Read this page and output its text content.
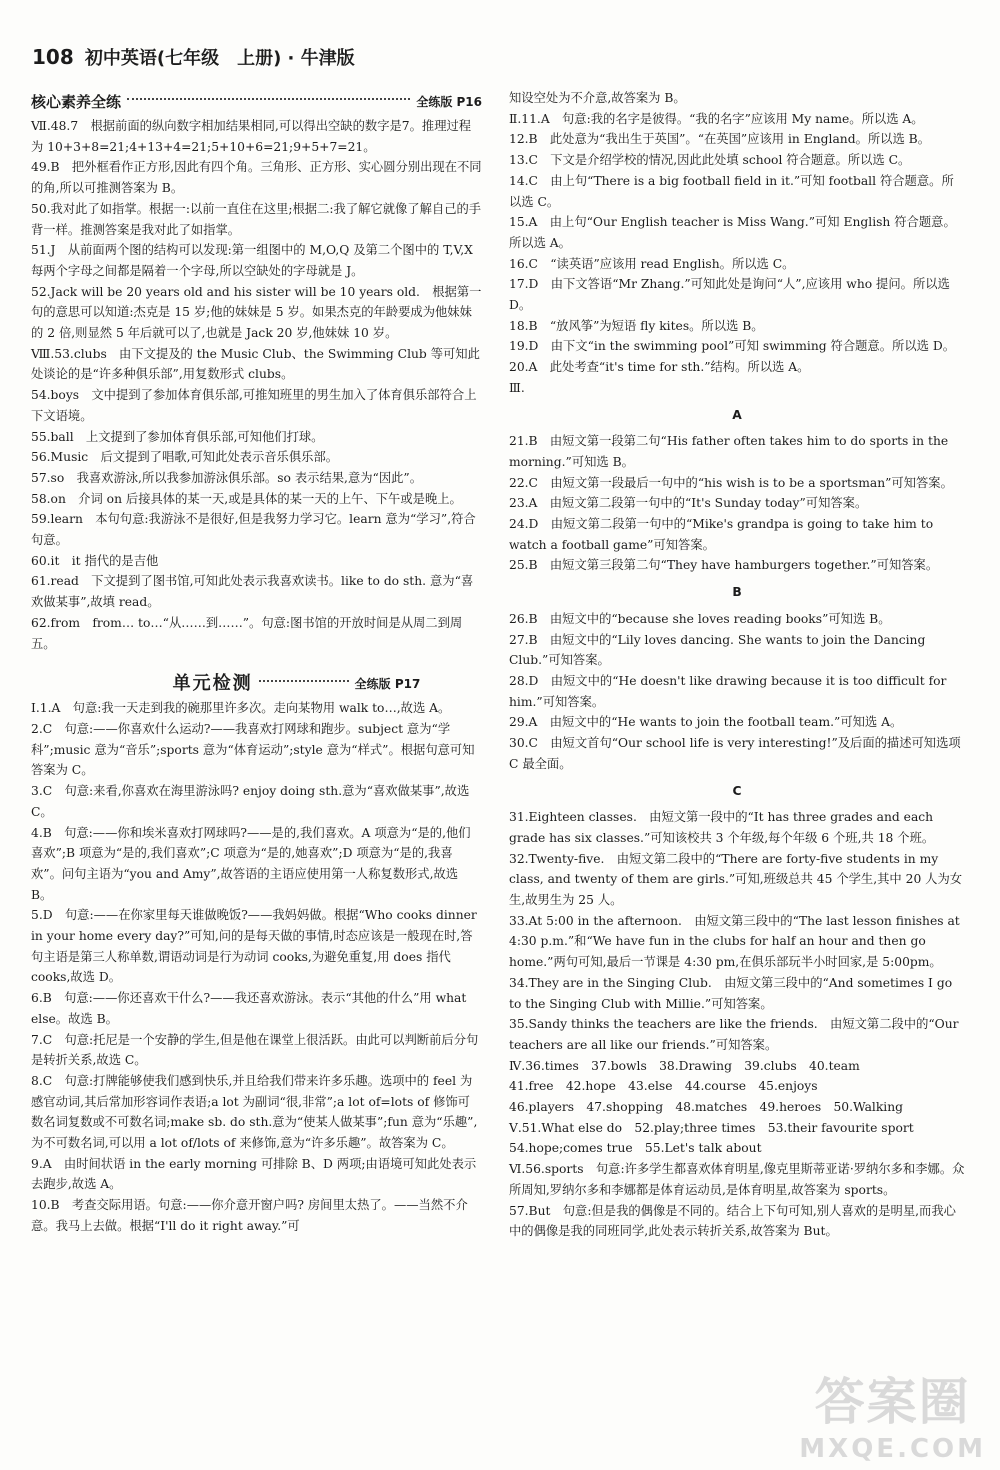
108 初中英语(七年级　上册) · 牛津版
核心素养全练	全练版 P16

Ⅶ.48.7　根据前面的纵向数字相加结果相同,可以得出空缺的数字是7。推理过程为 10+3+8=21;4+13+4=21;5+10+6=21;9+5+7=21。

49.B　把外框看作正方形,因此有四个角。三角形、正方形、实心圆分别出现在不同的角,所以可推测答案为 B。

50.我对此了如指掌。根据一:以前一直住在这里;根据二:我了解它就像了解自己的手背一样。推测答案是我对此了如指掌。

51.J　从前面两个图的结构可以发现:第一组图中的 M,O,Q 及第二个图中的 T,V,X 每两个字母之间都是隔着一个字母,所以空缺处的字母就是 J。

52.Jack will be 20 years old and his sister will be 10 years old.　根据第一句的意思可以知道:杰克是 15 岁;他的妹妹是 5 岁。如果杰克的年龄要成为他妹妹的 2 倍,则显然 5 年后就可以了,也就是 Jack 20 岁,他妹妹 10 岁。

Ⅷ.53.clubs　由下文提及的 the Music Club、the Swimming Club 等可知此处谈论的是“许多种俱乐部”,用复数形式 clubs。

54.boys　文中提到了参加体育俱乐部,可推知班里的男生加入了体育俱乐部符合上下文语境。

55.ball　上文提到了参加体育俱乐部,可知他们打球。

56.Music　后文提到了唱歌,可知此处表示音乐俱乐部。

57.so　我喜欢游泳,所以我参加游泳俱乐部。so 表示结果,意为“因此”。

58.on　介词 on 后接具体的某一天,或是具体的某一天的上午、下午或是晚上。

59.learn　本句句意:我游泳不是很好,但是我努力学习它。learn 意为“学习”,符合句意。

60.it　it 指代的是吉他

61.read　下文提到了图书馆,可知此处表示我喜欢读书。like to do sth. 意为“喜欢做某事”,故填 read。

62.from　from… to…“从……到……”。句意:图书馆的开放时间是从周二到周五。

单元检测	全练版 P17

Ⅰ.1.A　句意:我一天走到我的碗那里许多次。走向某物用 walk to…,故选 A。

2.C　句意:——你喜欢什么运动?——我喜欢打网球和跑步。subject 意为“学科”;music 意为“音乐”;sports 意为“体育运动”;style 意为“样式”。根据句意可知答案为 C。

3.C　句意:来看,你喜欢在海里游泳吗? enjoy doing sth.意为“喜欢做某事”,故选 C。

4.B　句意:——你和埃米喜欢打网球吗?——是的,我们喜欢。A 项意为“是的,他们喜欢”;B 项意为“是的,我们喜欢”;C 项意为“是的,她喜欢”;D 项意为“是的,我喜欢”。问句主语为“you and Amy”,故答语的主语应使用第一人称复数形式,故选 B。

5.D　句意:——在你家里每天谁做晚饭?——我妈妈做。根据“Who cooks dinner in your home every day?”可知,问的是每天做的事情,时态应该是一般现在时,答句主语是第三人称单数,谓语动词是行为动词 cooks,为避免重复,用 does 指代 cooks,故选 D。

6.B　句意:——你还喜欢干什么?——我还喜欢游泳。表示“其他的什么”用 what else。故选 B。

7.C　句意:托尼是一个安静的学生,但是他在课堂上很活跃。由此可以判断前后分句是转折关系,故选 C。

8.C　句意:打牌能够使我们感到快乐,并且给我们带来许多乐趣。选项中的 feel 为感官动词,其后常加形容词作表语;a lot 为副词“很,非常”;a lot of=lots of 修饰可数名词复数或不可数名词;make sb. do sth.意为“使某人做某事”;fun 意为“乐趣”,为不可数名词,可以用 a lot of/lots of 来修饰,意为“许多乐趣”。故答案为 C。

9.A　由时间状语 in the early morning 可排除 B、D 两项;由语境可知此处表示去跑步,故选 A。

10.B　考查交际用语。句意:——你介意开窗户吗? 房间里太热了。——当然不介意。我马上去做。根据“I'll do it right away.”可

知设空处为不介意,故答案为 B。

Ⅱ.11.A　句意:我的名字是彼得。“我的名字”应该用 My name。所以选 A。

12.B　此处意为“我出生于英国”。“在英国”应该用 in England。所以选 B。

13.C　下文是介绍学校的情况,因此此处填 school 符合题意。所以选 C。

14.C　由上句“There is a big football field in it.”可知 football 符合题意。所以选 C。

15.A　由上句“Our English teacher is Miss Wang.”可知 English 符合题意。所以选 A。

16.C　“读英语”应该用 read English。所以选 C。

17.D　由下文答语“Mr Zhang.”可知此处是询问“人”,应该用 who 提问。所以选 D。

18.B　“放风筝”为短语 fly kites。所以选 B。

19.D　由下文“in the swimming pool”可知 swimming 符合题意。所以选 D。

20.A　此处考查“it's time for sth.”结构。所以选 A。

Ⅲ.
A

21.B　由短文第一段第二句“His father often takes him to do sports in the morning.”可知选 B。

22.C　由短文第一段最后一句中的“his wish is to be a sportsman”可知答案。

23.A　由短文第二段第一句中的“It's Sunday today”可知答案。

24.D　由短文第二段第一句中的“Mike's grandpa is going to take him to watch a football game”可知答案。

25.B　由短文第三段第二句“They have hamburgers together.”可知答案。

B

26.B　由短文中的“because she loves reading books”可知选 B。

27.B　由短文中的“Lily loves dancing. She wants to join the Dancing Club.”可知答案。

28.D　由短文中的“He doesn't like drawing because it is too difficult for him.”可知答案。

29.A　由短文中的“He wants to join the football team.”可知选 A。

30.C　由短文首句“Our school life is very interesting!”及后面的描述可知选项 C 最全面。

C

31.Eighteen classes.　由短文第一段中的“It has three grades and each grade has six classes.”可知该校共 3 个年级,每个年级 6 个班,共 18 个班。

32.Twenty-five.　由短文第二段中的“There are forty-five students in my class, and twenty of them are girls.”可知,班级总共 45 个学生,其中 20 人为女生,故男生为 25 人。

33.At 5:00 in the afternoon.　由短文第三段中的“The last lesson finishes at 4:30 p.m.”和“We have fun in the clubs for half an hour and then go home.”两句可知,最后一节课是 4:30 pm,在俱乐部玩半小时回家,是 5:00pm。

34.They are in the Singing Club.　由短文第三段中的“And sometimes I go to the Singing Club with Millie.”可知答案。

35.Sandy thinks the teachers are like the friends.　由短文第二段中的“Our teachers are all like our friends.”可知答案。

Ⅳ.36.times　37.bowls　38.Drawing　39.clubs　40.team

41.free　42.hope　43.else　44.course　45.enjoys

46.players　47.shopping　48.matches　49.heroes　50.Walking

Ⅴ.51.What else do　52.play;three times　53.their favourite sport

54.hope;comes true　55.Let's talk about

Ⅵ.56.sports　句意:许多学生都喜欢体育明星,像克里斯蒂亚诺·罗纳尔多和李娜。众所周知,罗纳尔多和李娜都是体育运动员,是体育明星,故答案为 sports。

57.But　句意:但是我的偶像是不同的。结合上下句可知,别人喜欢的是明星,而我心中的偶像是我的同班同学,此处表示转折关系,故答案为 But。

答案圈
MXQE.COM
